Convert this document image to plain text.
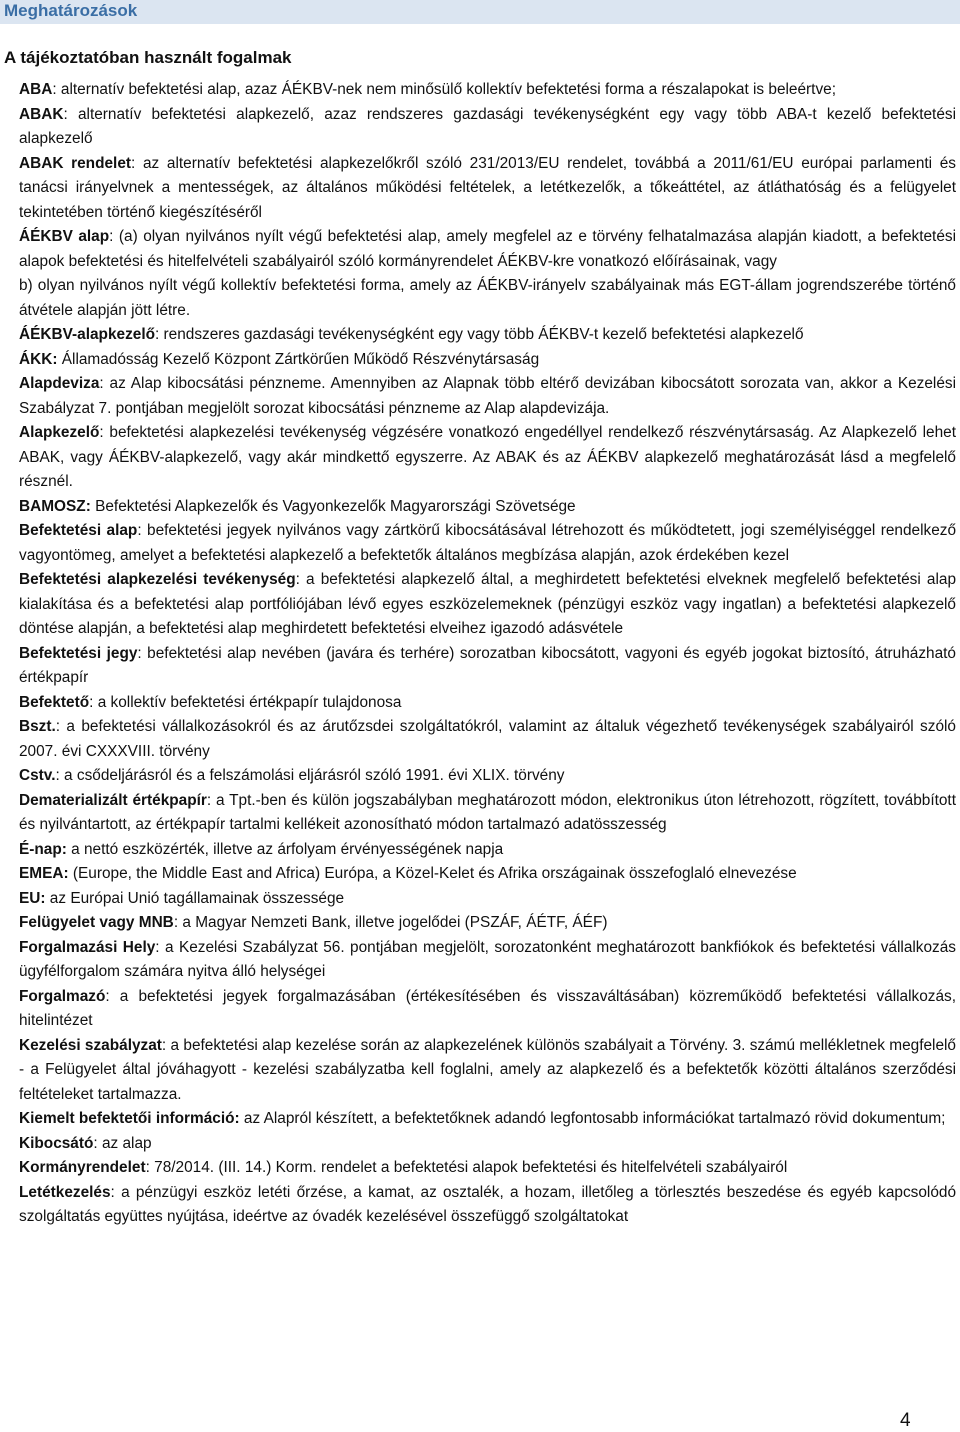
Meghatározások
A tájékoztatóban használt fogalmak

ABA: alternatív befektetési alap, azaz ÁÉKBV-nek nem minősülő kollektív befektetési forma a részalapokat is beleértve;

ABAK: alternatív befektetési alapkezelő, azaz rendszeres gazdasági tevékenységként egy vagy több ABA-t kezelő befektetési alapkezelő

ABAK rendelet: az alternatív befektetési alapkezelőkről szóló 231/2013/EU rendelet, továbbá a 2011/61/EU európai parlamenti és tanácsi irányelvnek a mentességek, az általános működési feltételek, a letétkezelők, a tőkeáttétel, az átláthatóság és a felügyelet tekintetében történő kiegészítéséről

ÁÉKBV alap: (a) olyan nyilvános nyílt végű befektetési alap, amely megfelel az e törvény felhatalmazása alapján kiadott, a befektetési alapok befektetési és hitelfelvételi szabályairól szóló kormányrendelet ÁÉKBV-kre vonatkozó előírásainak, vagy

b) olyan nyilvános nyílt végű kollektív befektetési forma, amely az ÁÉKBV-irányelv szabályainak más EGT-állam jogrendszerébe történő átvétele alapján jött létre.

ÁÉKBV-alapkezelő: rendszeres gazdasági tevékenységként egy vagy több ÁÉKBV-t kezelő befektetési alapkezelő

ÁKK: Államadósság Kezelő Központ Zártkörűen Működő Részvénytársaság

Alapdeviza: az Alap kibocsátási pénzneme. Amennyiben az Alapnak több eltérő devizában kibocsátott sorozata van, akkor a Kezelési Szabályzat 7. pontjában megjelölt sorozat kibocsátási pénzneme az Alap alapdevizája.

Alapkezelő: befektetési alapkezelési tevékenység végzésére vonatkozó engedéllyel rendelkező részvénytársaság. Az Alapkezelő lehet ABAK, vagy ÁÉKBV-alapkezelő, vagy akár mindkettő egyszerre. Az ABAK és az ÁÉKBV alapkezelő meghatározását lásd a megfelelő résznél.

BAMOSZ: Befektetési Alapkezelők és Vagyonkezelők Magyarországi Szövetsége

Befektetési alap: befektetési jegyek nyilvános vagy zártkörű kibocsátásával létrehozott és működtetett, jogi személyiséggel rendelkező vagyontömeg, amelyet a befektetési alapkezelő a befektetők általános megbízása alapján, azok érdekében kezel

Befektetési alapkezelési tevékenység: a befektetési alapkezelő által, a meghirdetett befektetési elveknek megfelelő befektetési alap kialakítása és a befektetési alap portfóliójában lévő egyes eszközelemeknek (pénzügyi eszköz vagy ingatlan) a befektetési alapkezelő döntése alapján, a befektetési alap meghirdetett befektetési elveihez igazodó adásvétele

Befektetési jegy: befektetési alap nevében (javára és terhére) sorozatban kibocsátott, vagyoni és egyéb jogokat biztosító, átruházható értékpapír

Befektető: a kollektív befektetési értékpapír tulajdonosa

Bszt.: a befektetési vállalkozásokról és az árutőzsdei szolgáltatókról, valamint az általuk végezhető tevékenységek szabályairól szóló 2007. évi CXXXVIII. törvény

Cstv.: a csődeljárásról és a felszámolási eljárásról szóló 1991. évi XLIX. törvény

Dematerializált értékpapír: a Tpt.-ben és külön jogszabályban meghatározott módon, elektronikus úton létrehozott, rögzített, továbbított és nyilvántartott, az értékpapír tartalmi kellékeit azonosítható módon tartalmazó adatösszesség

É-nap: a nettó eszközérték, illetve az árfolyam érvényességének napja

EMEA: (Europe, the Middle East and Africa) Európa, a Közel-Kelet és Afrika országainak összefoglaló elnevezése

EU: az Európai Unió tagállamainak összessége

Felügyelet vagy MNB: a Magyar Nemzeti Bank, illetve jogelődei (PSZÁF, ÁÉTF, ÁÉF)

Forgalmazási Hely: a Kezelési Szabályzat 56. pontjában megjelölt, sorozatonként meghatározott bankfiókok és befektetési vállalkozás ügyfélforgalom számára nyitva álló helységei

Forgalmazó: a befektetési jegyek forgalmazásában (értékesítésében és visszaváltásában) közreműködő befektetési vállalkozás, hitelintézet

Kezelési szabályzat: a befektetési alap kezelése során az alapkezelének különös szabályait a Törvény. 3. számú mellékletnek megfelelő - a Felügyelet által jóváhagyott - kezelési szabályzatba kell foglalni, amely az alapkezelő és a befektetők közötti általános szerződési feltételeket tartalmazza.

Kiemelt befektetői információ: az Alapról készített, a befektetőknek adandó legfontosabb információkat tartalmazó rövid dokumentum;

Kibocsátó: az alap

Kormányrendelet: 78/2014. (III. 14.) Korm. rendelet a befektetési alapok befektetési és hitelfelvételi szabályairól

Letétkezelés: a pénzügyi eszköz letéti őrzése, a kamat, az osztalék, a hozam, illetőleg a törlesztés beszedése és egyéb kapcsolódó szolgáltatás együttes nyújtása, ideértve az óvadék kezelésével összefüggő szolgáltatokat

4
